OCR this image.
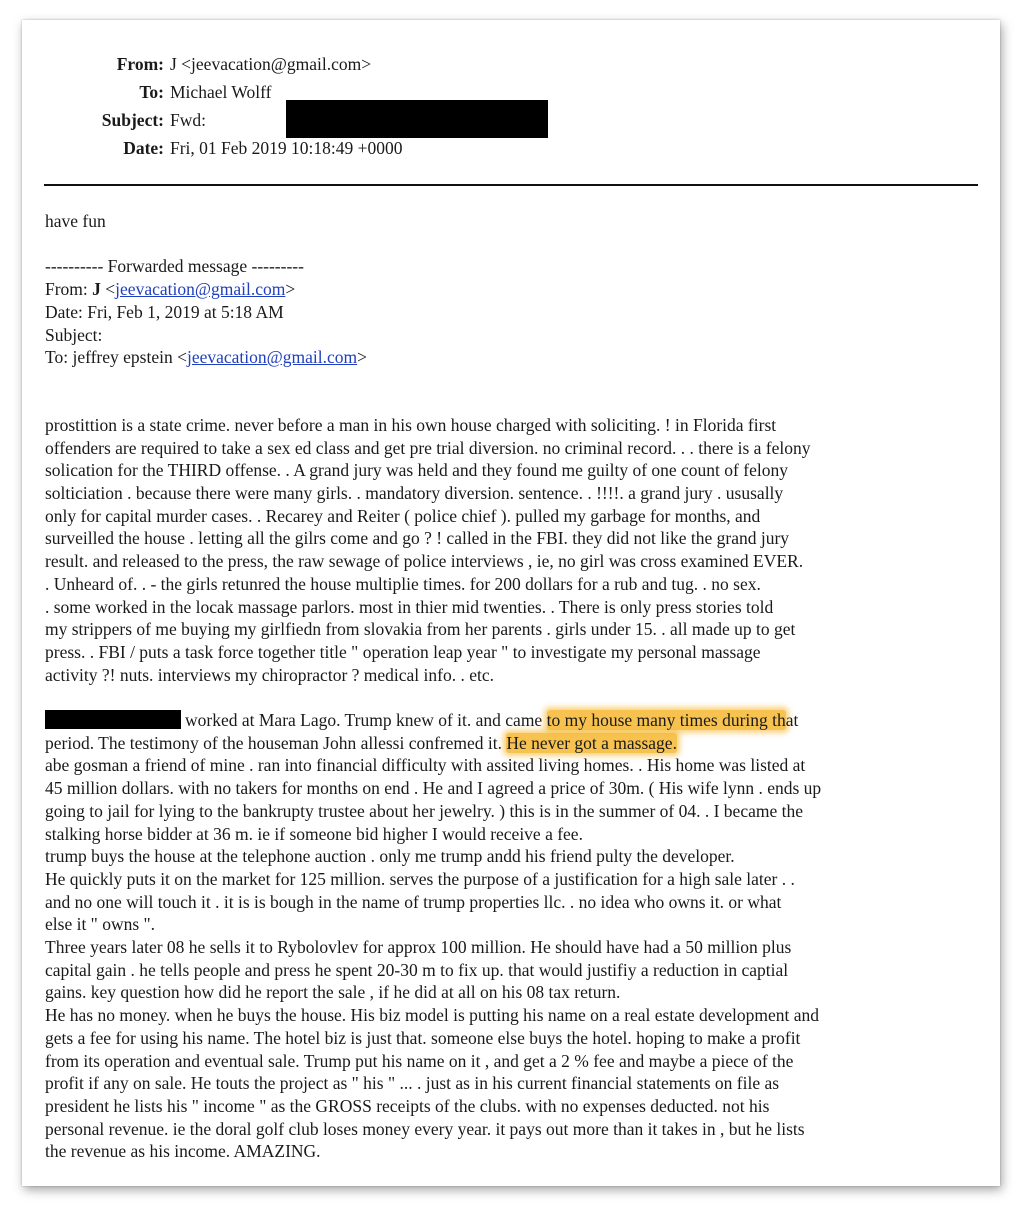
From: J <jeevacation@gmail.com>
To: Michael Wolff
Subject: Fwd:
Date: Fri, 01 Feb 2019 10:18:49 +0000
have fun
---------- Forwarded message ---------
From: J <jeevacation@gmail.com>
Date: Fri, Feb 1, 2019 at 5:18 AM
Subject:
To: jeffrey epstein <jeevacation@gmail.com>
prostittion is a state crime. never before a man in his own house charged with soliciting. ! in Florida first
offenders are required to take a sex ed class and get pre trial diversion. no criminal record. . . there is a felony
solication for the THIRD offense. . A grand jury was held and they found me guilty of one count of felony
solticiation . because there were many girls. . mandatory diversion. sentence. . !!!!. a grand jury . ususally
only for capital murder cases. . Recarey and Reiter ( police chief ). pulled my garbage for months, and
surveilled the house . letting all the gilrs come and go ? ! called in the FBI. they did not like the grand jury
result. and released to the press, the raw sewage of police interviews , ie, no girl was cross examined EVER.
. Unheard of. . - the girls retunred the house multiplie times. for 200 dollars for a rub and tug. . no sex.
. some worked in the locak massage parlors. most in thier mid twenties. . There is only press stories told
my strippers of me buying my girlfiedn from slovakia from her parents . girls under 15. . all made up to get
press. . FBI / puts a task force together title " operation leap year " to investigate my personal massage
activity ?! nuts. interviews my chiropractor ? medical info. . etc.
worked at Mara Lago. Trump knew of it. and came to my house many times during that
period. The testimony of the houseman John allessi confremed it. He never got a massage.
abe gosman a friend of mine . ran into financial difficulty with assited living homes. . His home was listed at
45 million dollars. with no takers for months on end . He and I agreed a price of 30m. ( His wife lynn . ends up
going to jail for lying to the bankrupty trustee about her jewelry. ) this is in the summer of 04. . I became the
stalking horse bidder at 36 m. ie if someone bid higher I would receive a fee.
trump buys the house at the telephone auction . only me trump andd his friend pulty the developer.
He quickly puts it on the market for 125 million. serves the purpose of a justification for a high sale later . .
and no one will touch it . it is is bough in the name of trump properties llc. . no idea who owns it. or what
else it " owns ".
Three years later 08 he sells it to Rybolovlev for approx 100 million. He should have had a 50 million plus
capital gain . he tells people and press he spent 20-30 m to fix up. that would justifiy a reduction in captial
gains. key question how did he report the sale , if he did at all on his 08 tax return.
He has no money. when he buys the house. His biz model is putting his name on a real estate development and
gets a fee for using his name. The hotel biz is just that. someone else buys the hotel. hoping to make a profit
from its operation and eventual sale. Trump put his name on it , and get a 2 % fee and maybe a piece of the
profit if any on sale. He touts the project as " his " ... . just as in his current financial statements on file as
president he lists his " income " as the GROSS receipts of the clubs. with no expenses deducted. not his
personal revenue. ie the doral golf club loses money every year. it pays out more than it takes in , but he lists
the revenue as his income. AMAZING.
